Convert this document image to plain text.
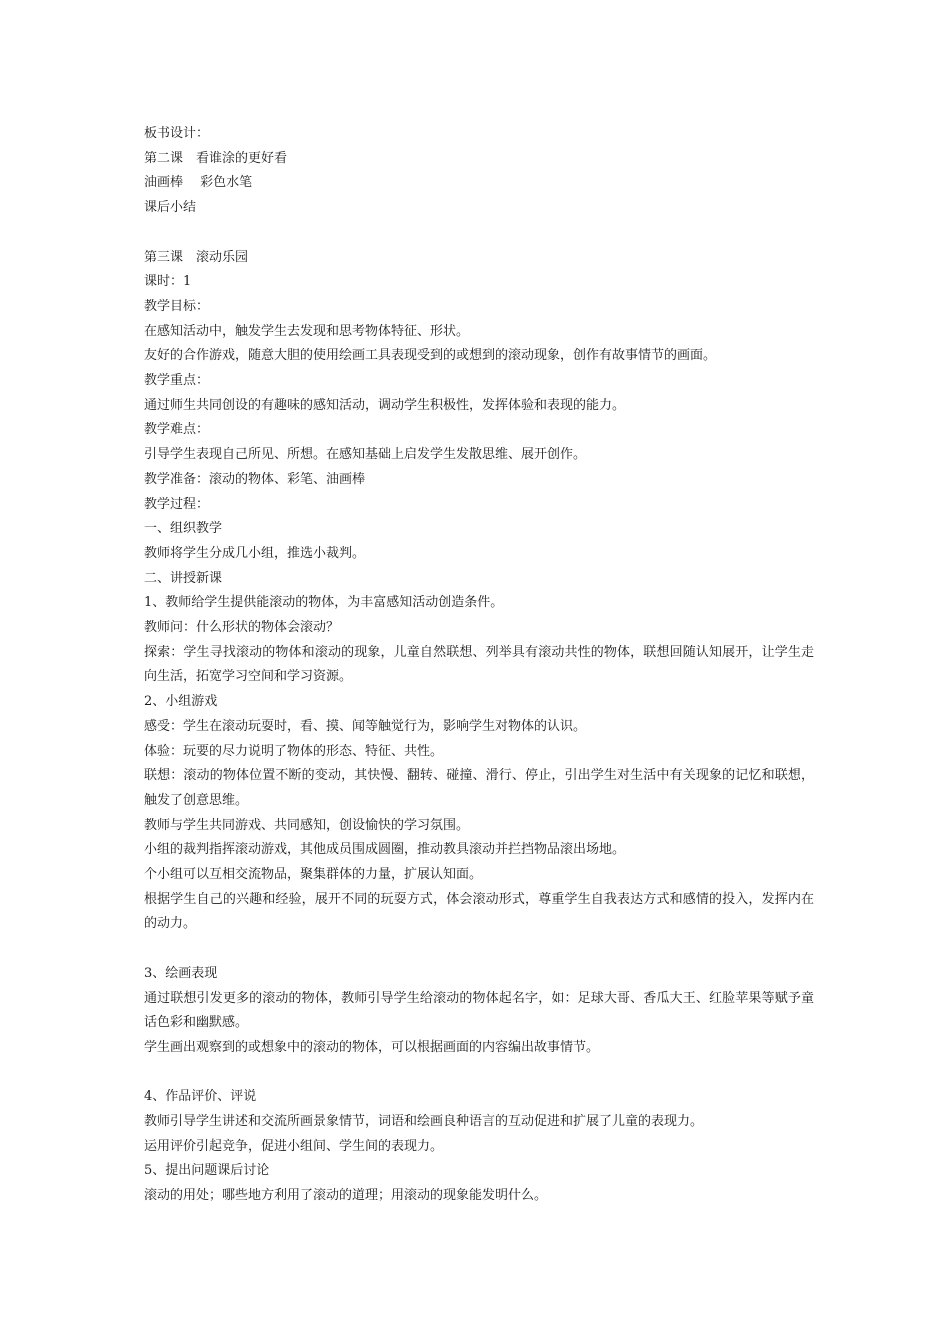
板书设计：

第二课　看谁涂的更好看

油画棒　 彩色水笔

课后小结

第三课　滚动乐园

课时：1

教学目标：

在感知活动中，触发学生去发现和思考物体特征、形状。

友好的合作游戏，随意大胆的使用绘画工具表现受到的或想到的滚动现象，创作有故事情节的画面。

教学重点：

通过师生共同创设的有趣味的感知活动，调动学生积极性，发挥体验和表现的能力。

教学难点：

引导学生表现自己所见、所想。在感知基础上启发学生发散思维、展开创作。

教学准备：滚动的物体、彩笔、油画棒

教学过程：

一、组织教学

教师将学生分成几小组，推选小裁判。

二、讲授新课

1、教师给学生提供能滚动的物体，为丰富感知活动创造条件。

教师问：什么形状的物体会滚动？

探索：学生寻找滚动的物体和滚动的现象，儿童自然联想、列举具有滚动共性的物体，联想回随认知展开，让学生走向生活，拓宽学习空间和学习资源。

2、小组游戏

感受：学生在滚动玩耍时，看、摸、闻等触觉行为，影响学生对物体的认识。

体验：玩要的尽力说明了物体的形态、特征、共性。

联想：滚动的物体位置不断的变动，其快慢、翻转、碰撞、滑行、停止，引出学生对生活中有关现象的记忆和联想，触发了创意思维。

教师与学生共同游戏、共同感知，创设愉快的学习氛围。

小组的裁判指挥滚动游戏，其他成员围成圆圈，推动教具滚动并拦挡物品滚出场地。

个小组可以互相交流物品，聚集群体的力量，扩展认知面。

根据学生自己的兴趣和经验，展开不同的玩耍方式，体会滚动形式，尊重学生自我表达方式和感情的投入，发挥内在的动力。

3、绘画表现

通过联想引发更多的滚动的物体，教师引导学生给滚动的物体起名字，如：足球大哥、香瓜大王、红脸苹果等赋予童话色彩和幽默感。

学生画出观察到的或想象中的滚动的物体，可以根据画面的内容编出故事情节。

4、作品评价、评说

教师引导学生讲述和交流所画景象情节，词语和绘画良种语言的互动促进和扩展了儿童的表现力。

运用评价引起竞争，促进小组间、学生间的表现力。

5、提出问题课后讨论

滚动的用处；哪些地方利用了滚动的道理；用滚动的现象能发明什么。
